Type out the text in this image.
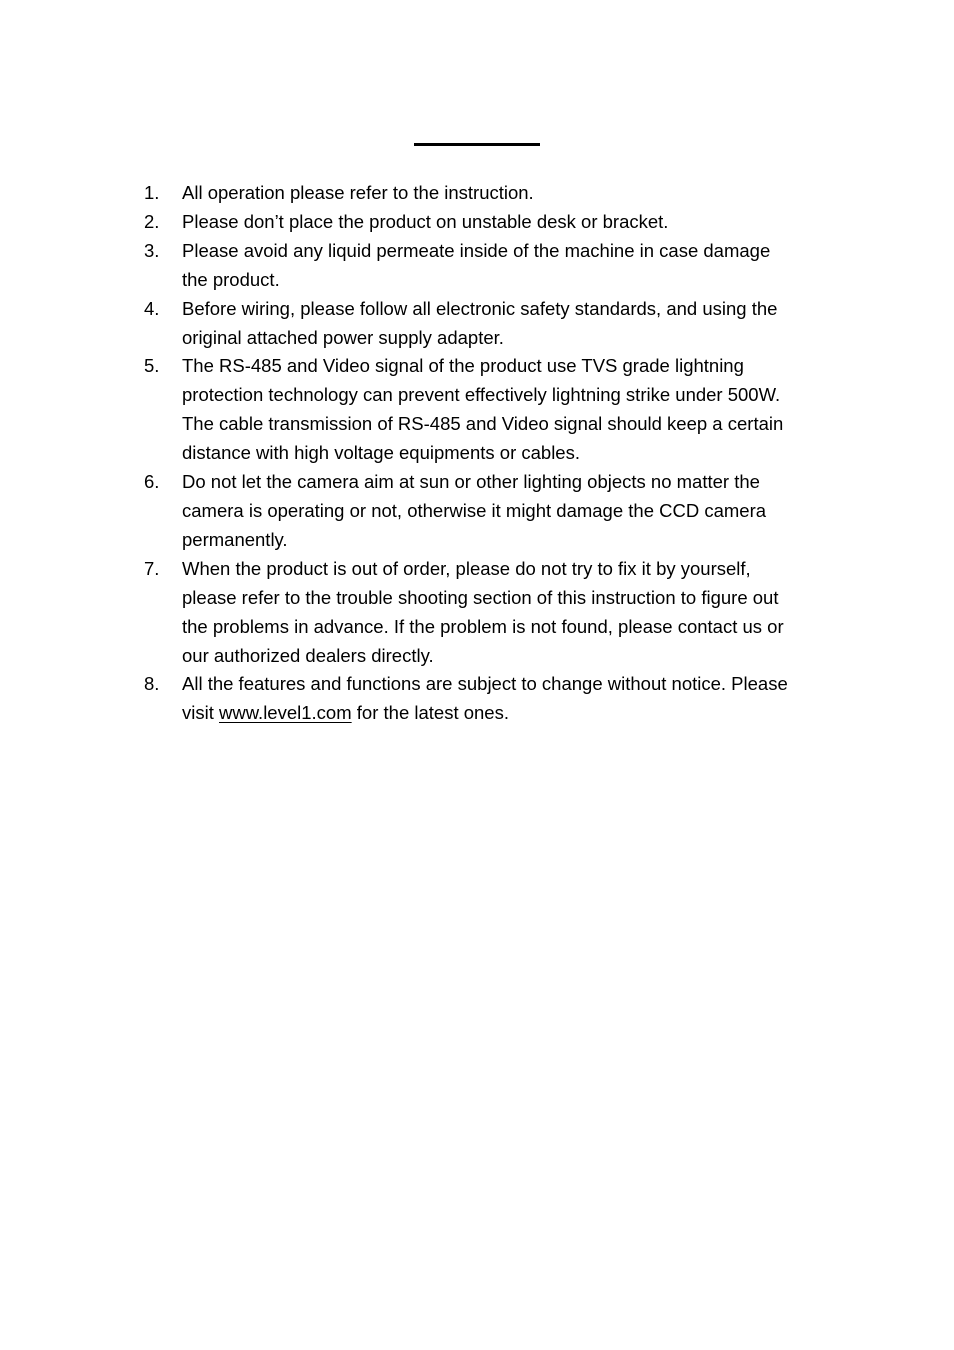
1.	All operation please refer to the instruction.
2.	Please don’t place the product on unstable desk or bracket.
3.	Please avoid any liquid permeate inside of the machine in case damage
the product.
4.	Before wiring, please follow all electronic safety standards, and using the
original attached power supply adapter.
5.	The RS-485 and Video signal of the product use TVS grade lightning
protection technology can prevent effectively lightning strike under 500W.
The cable transmission of RS-485 and Video signal should keep a certain
distance with high voltage equipments or cables.
6.	Do not let the camera aim at sun or other lighting objects no matter the
camera is operating or not, otherwise it might damage the CCD camera
permanently.
7.	When the product is out of order, please do not try to fix it by yourself,
please refer to the trouble shooting section of this instruction to figure out
the problems in advance. If the problem is not found, please contact us or
our authorized dealers directly.
8.	All the features and functions are subject to change without notice. Please
visit www.level1.com for the latest ones.
